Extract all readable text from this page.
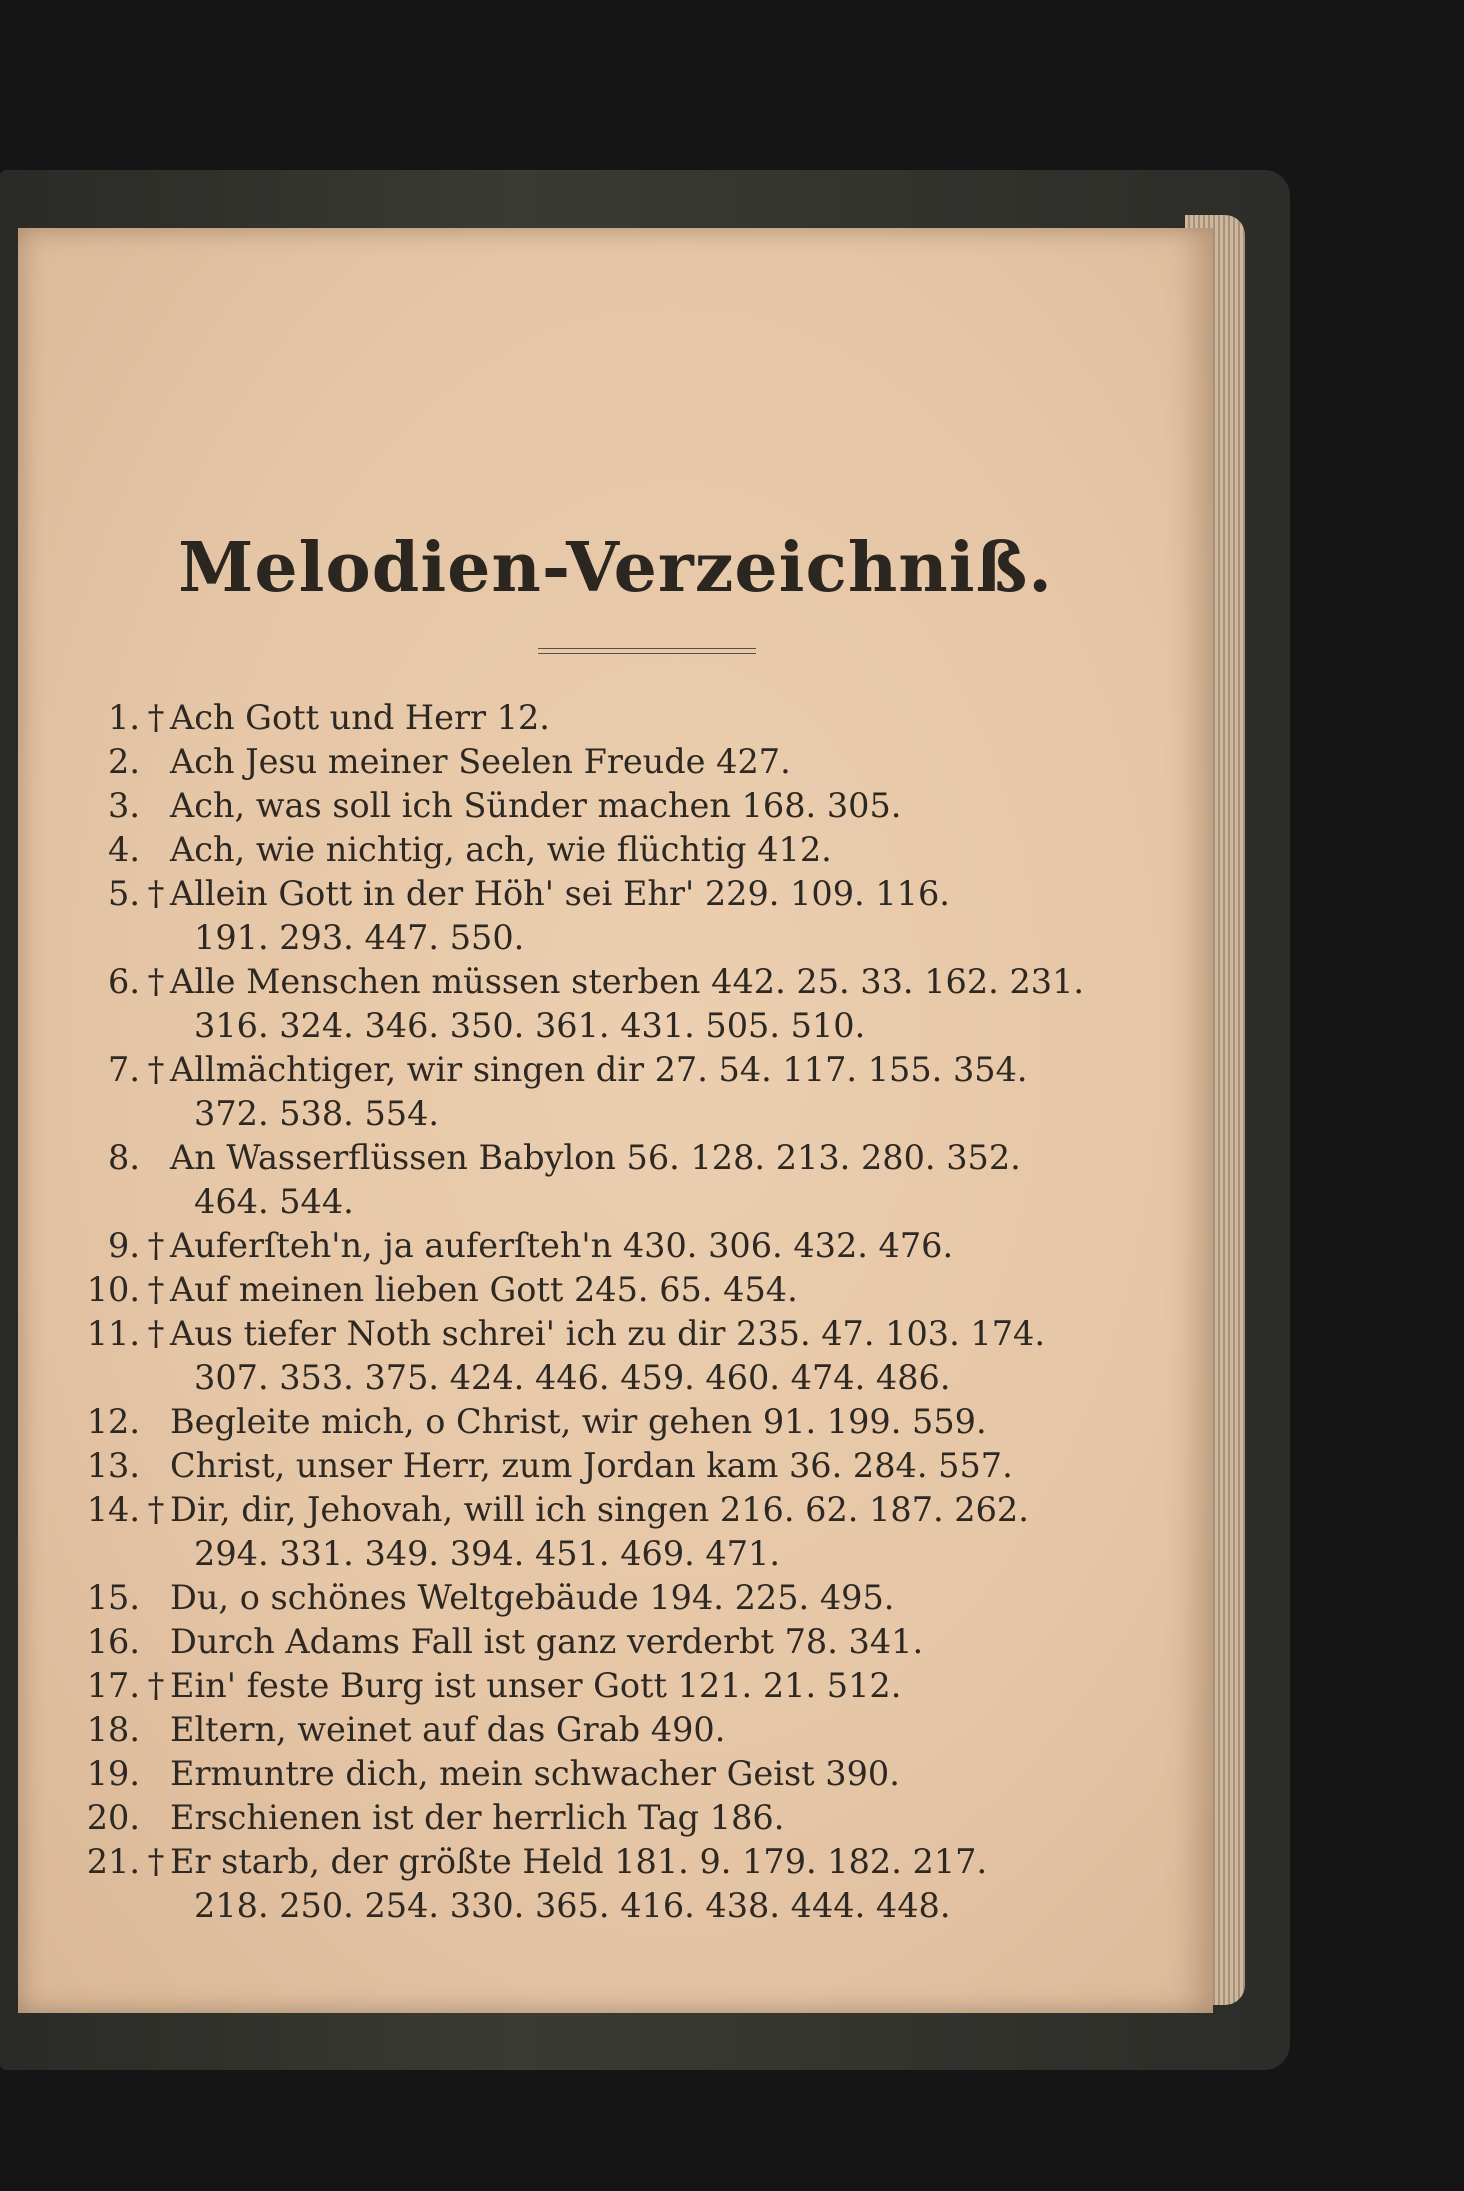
Melodien-Verzeichniß.
1. † Ach Gott und Herr 12.
2. Ach Jesu meiner Seelen Freude 427.
3. Ach, was soll ich Sünder machen 168. 305.
4. Ach, wie nichtig, ach, wie flüchtig 412.
5. † Allein Gott in der Höh' sei Ehr' 229. 109. 116.
191. 293. 447. 550.
6. † Alle Menschen müssen sterben 442. 25. 33. 162. 231.
316. 324. 346. 350. 361. 431. 505. 510.
7. † Allmächtiger, wir singen dir 27. 54. 117. 155. 354.
372. 538. 554.
8. An Wasserflüssen Babylon 56. 128. 213. 280. 352.
464. 544.
9. † Auferſteh'n, ja auferſteh'n 430. 306. 432. 476.
10. † Auf meinen lieben Gott 245. 65. 454.
11. † Aus tiefer Noth schrei' ich zu dir 235. 47. 103. 174.
307. 353. 375. 424. 446. 459. 460. 474. 486.
12. Begleite mich, o Christ, wir gehen 91. 199. 559.
13. Christ, unser Herr, zum Jordan kam 36. 284. 557.
14. † Dir, dir, Jehovah, will ich singen 216. 62. 187. 262.
294. 331. 349. 394. 451. 469. 471.
15. Du, o schönes Weltgebäude 194. 225. 495.
16. Durch Adams Fall ist ganz verderbt 78. 341.
17. † Ein' feste Burg ist unser Gott 121. 21. 512.
18. Eltern, weinet auf das Grab 490.
19. Ermuntre dich, mein schwacher Geist 390.
20. Erschienen ist der herrlich Tag 186.
21. † Er starb, der größte Held 181. 9. 179. 182. 217.
218. 250. 254. 330. 365. 416. 438. 444. 448.
